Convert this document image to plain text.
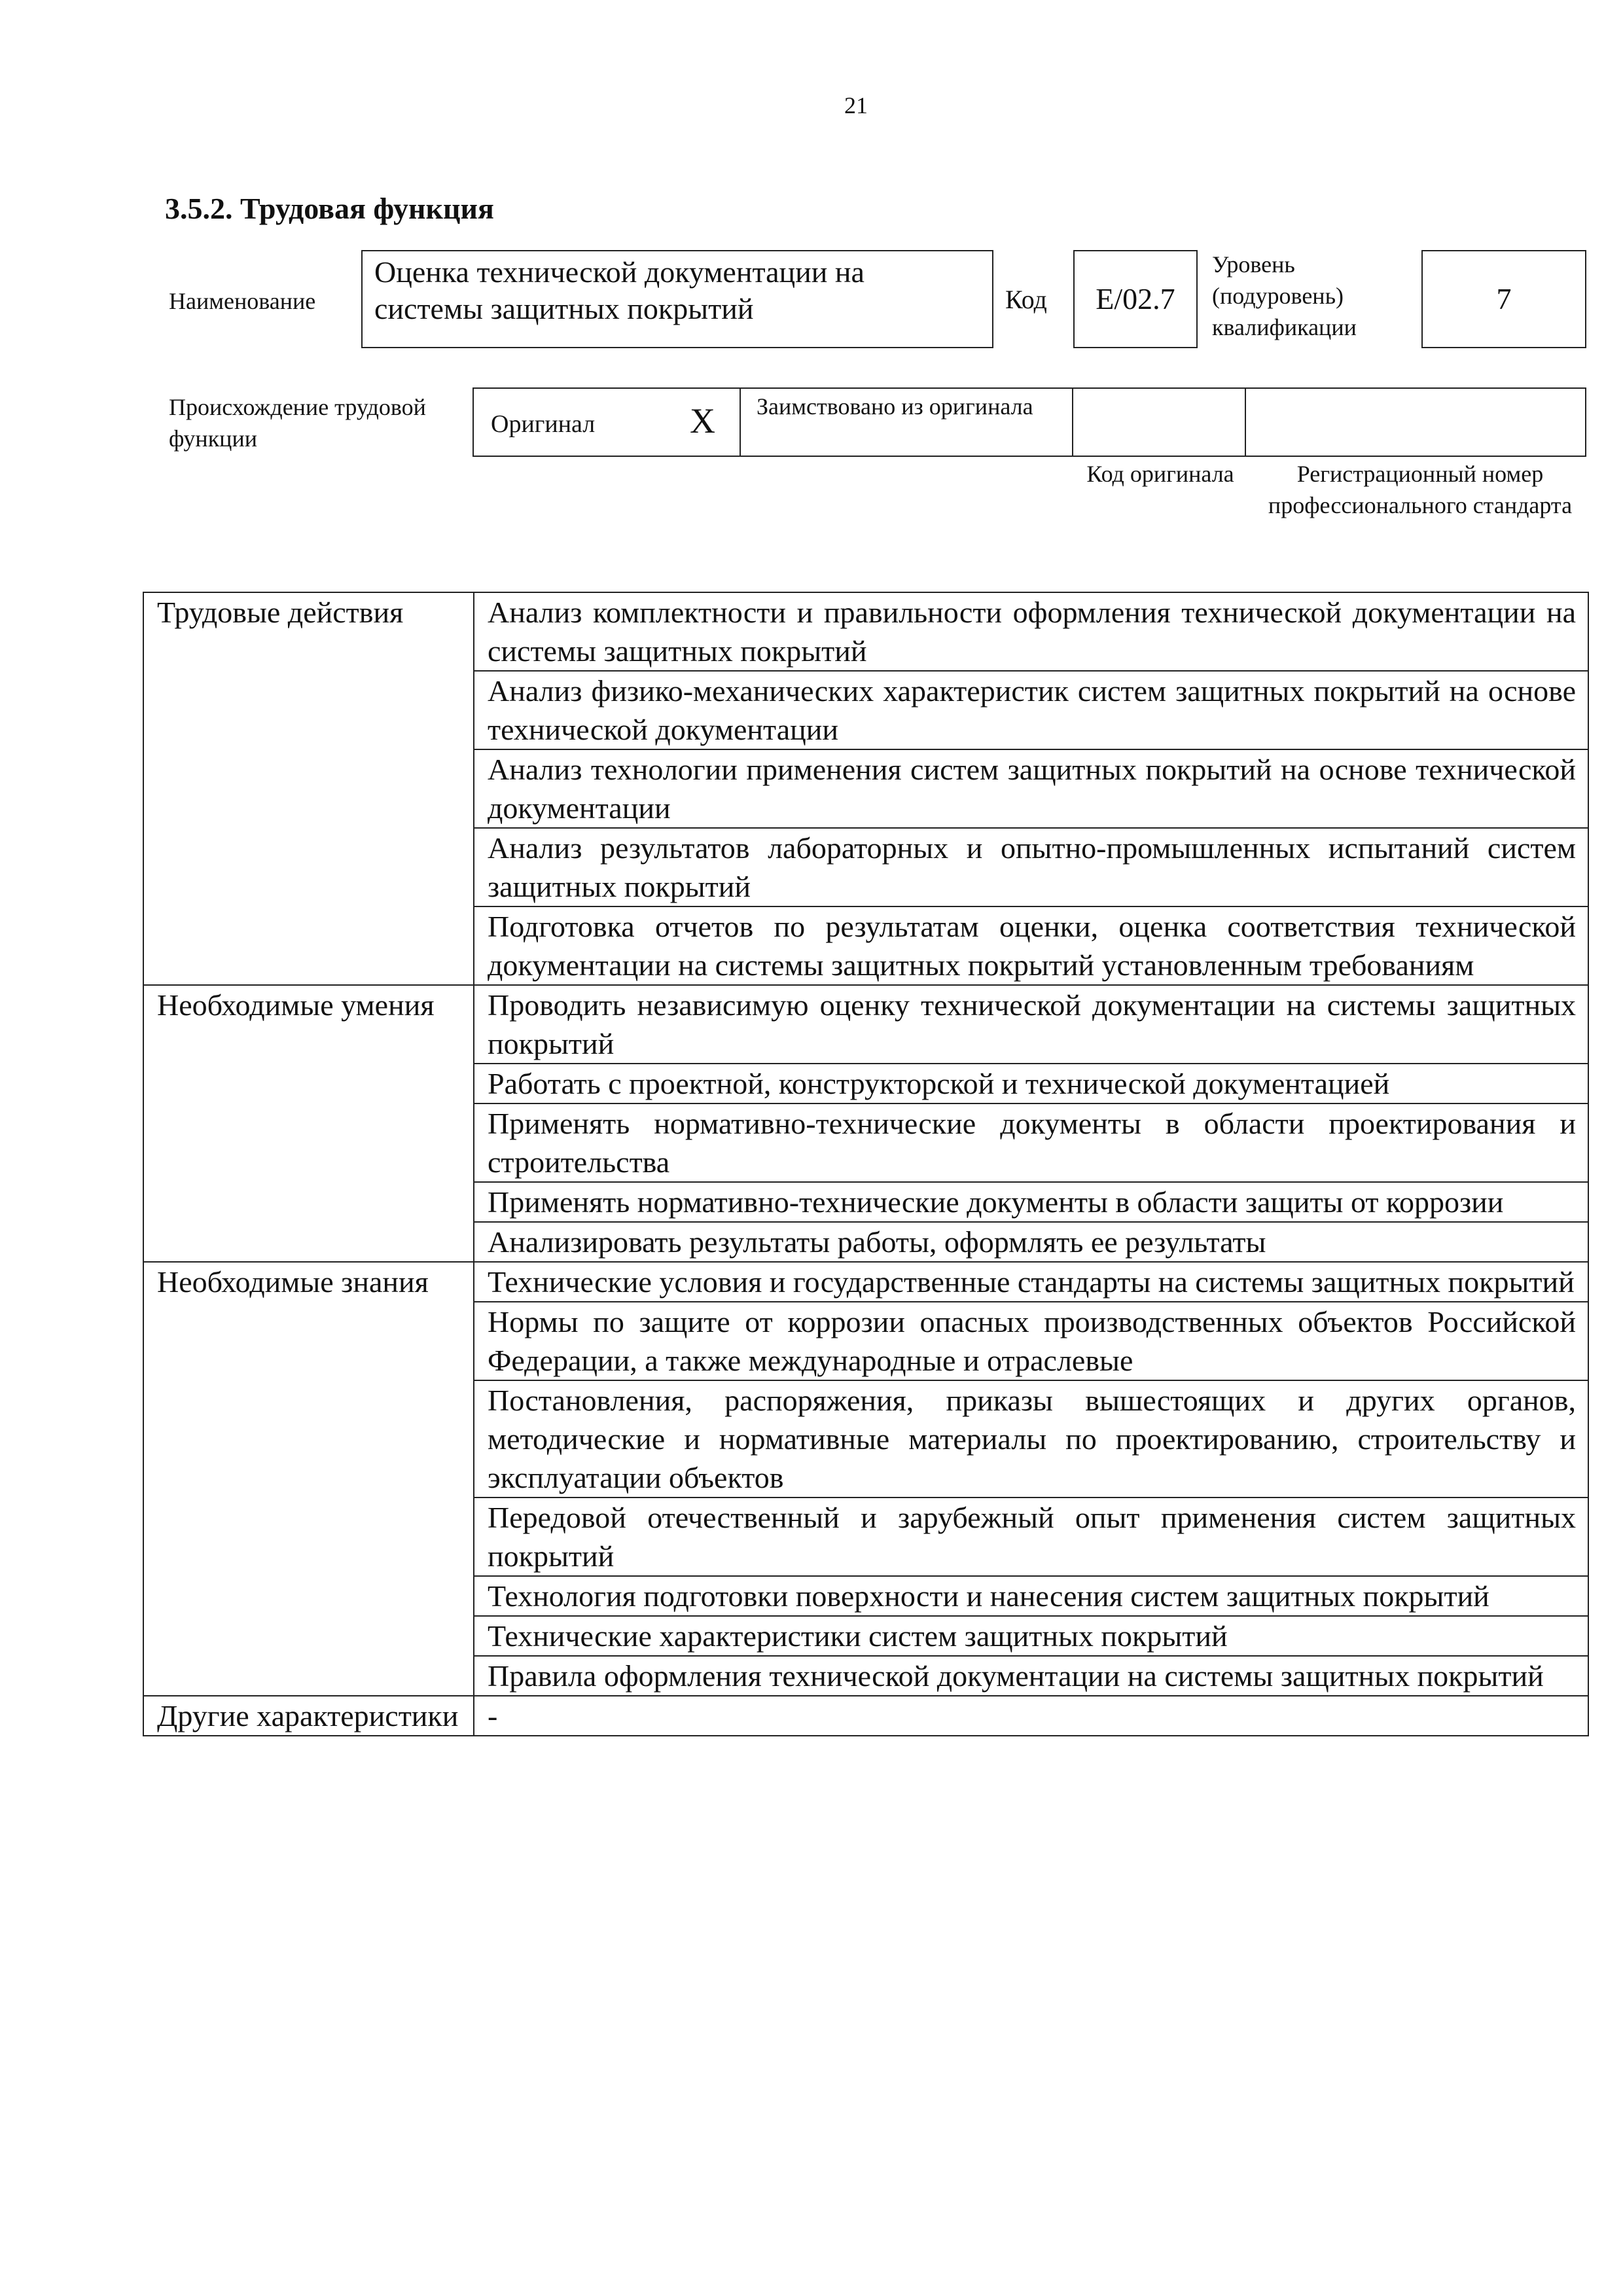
21
3.5.2. Трудовая функция
Наименование
Оценка технической документации на системы защитных покрытий	Код	E/02.7
Уровень (подуровень) квалификации
7
Происхождение трудовой функции
Оригинал	X	Заимствовано из оригинала
Код оригинала	Регистрационный номер профессионального стандарта
Трудовые действия	Анализ комплектности и правильности оформления технической документации на системы защитных покрытий
	Анализ физико-механических характеристик систем защитных покрытий на основе технической документации
	Анализ технологии применения систем защитных покрытий на основе технической документации
	Анализ результатов лабораторных и опытно-промышленных испытаний систем защитных покрытий
	Подготовка отчетов по результатам оценки, оценка соответствия технической документации на системы защитных покрытий установленным требованиям
Необходимые умения	Проводить независимую оценку технической документации на системы защитных покрытий
	Работать с проектной, конструкторской и технической документацией
	Применять нормативно-технические документы в области проектирования и строительства
	Применять нормативно-технические документы в области защиты от коррозии
	Анализировать результаты работы, оформлять ее результаты
Необходимые знания	Технические условия и государственные стандарты на системы защитных покрытий
	Нормы по защите от коррозии опасных производственных объектов Российской Федерации, а также международные и отраслевые
	Постановления, распоряжения, приказы вышестоящих и других органов, методические и нормативные материалы по проектированию, строительству и эксплуатации объектов
	Передовой отечественный и зарубежный опыт применения систем защитных покрытий
	Технология подготовки поверхности и нанесения систем защитных покрытий
	Технические характеристики систем защитных покрытий
	Правила оформления технической документации на системы защитных покрытий
Другие характеристики	-
